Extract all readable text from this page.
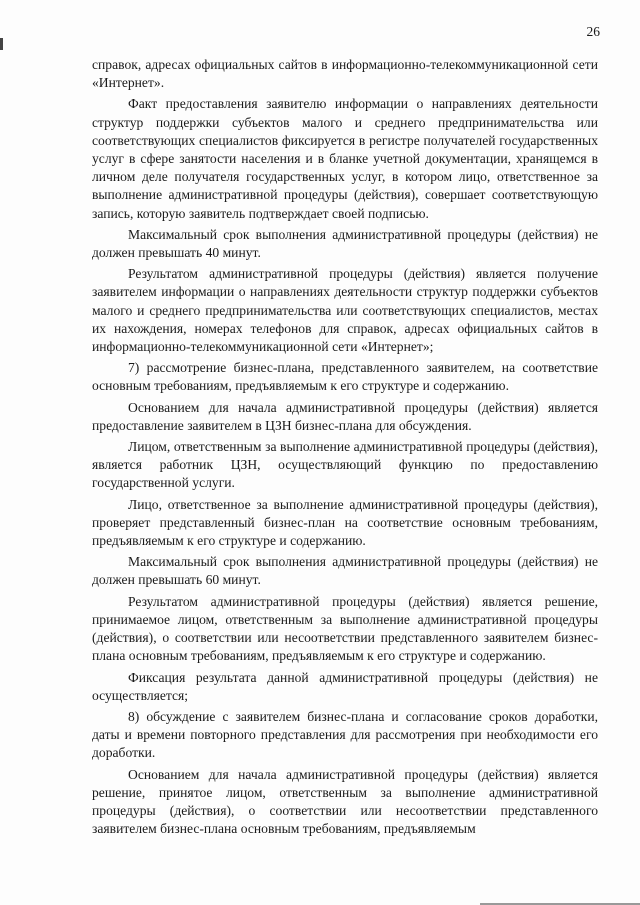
26

справок, адресах официальных сайтов в информационно-телекоммуникационной сети «Интернет».

Факт предоставления заявителю информации о направлениях деятельности структур поддержки субъектов малого и среднего предпринимательства или соответствующих специалистов фиксируется в регистре получателей государственных услуг в сфере занятости населения и в бланке учетной документации, хранящемся в личном деле получателя государственных услуг, в котором лицо, ответственное за выполнение административной процедуры (действия), совершает соответствующую запись, которую заявитель подтверждает своей подписью.

Максимальный срок выполнения административной процедуры (действия) не должен превышать 40 минут.

Результатом административной процедуры (действия) является получение заявителем информации о направлениях деятельности структур поддержки субъектов малого и среднего предпринимательства или соответствующих специалистов, местах их нахождения, номерах телефонов для справок, адресах официальных сайтов в информационно-телекоммуникационной сети «Интернет»;

7) рассмотрение бизнес-плана, представленного заявителем, на соответствие основным требованиям, предъявляемым к его структуре и содержанию.

Основанием для начала административной процедуры (действия) является предоставление заявителем в ЦЗН бизнес-плана для обсуждения.

Лицом, ответственным за выполнение административной процедуры (действия), является работник ЦЗН, осуществляющий функцию по предоставлению государственной услуги.

Лицо, ответственное за выполнение административной процедуры (действия), проверяет представленный бизнес-план на соответствие основным требованиям, предъявляемым к его структуре и содержанию.

Максимальный срок выполнения административной процедуры (действия) не должен превышать 60 минут.

Результатом административной процедуры (действия) является решение, принимаемое лицом, ответственным за выполнение административной процедуры (действия), о соответствии или несоответствии представленного заявителем бизнес-плана основным требованиям, предъявляемым к его структуре и содержанию.

Фиксация результата данной административной процедуры (действия) не осуществляется;

8) обсуждение с заявителем бизнес-плана и согласование сроков доработки, даты и времени повторного представления для рассмотрения при необходимости его доработки.

Основанием для начала административной процедуры (действия) является решение, принятое лицом, ответственным за выполнение административной процедуры (действия), о соответствии или несоответствии представленного заявителем бизнес-плана основным требованиям, предъявляемым
